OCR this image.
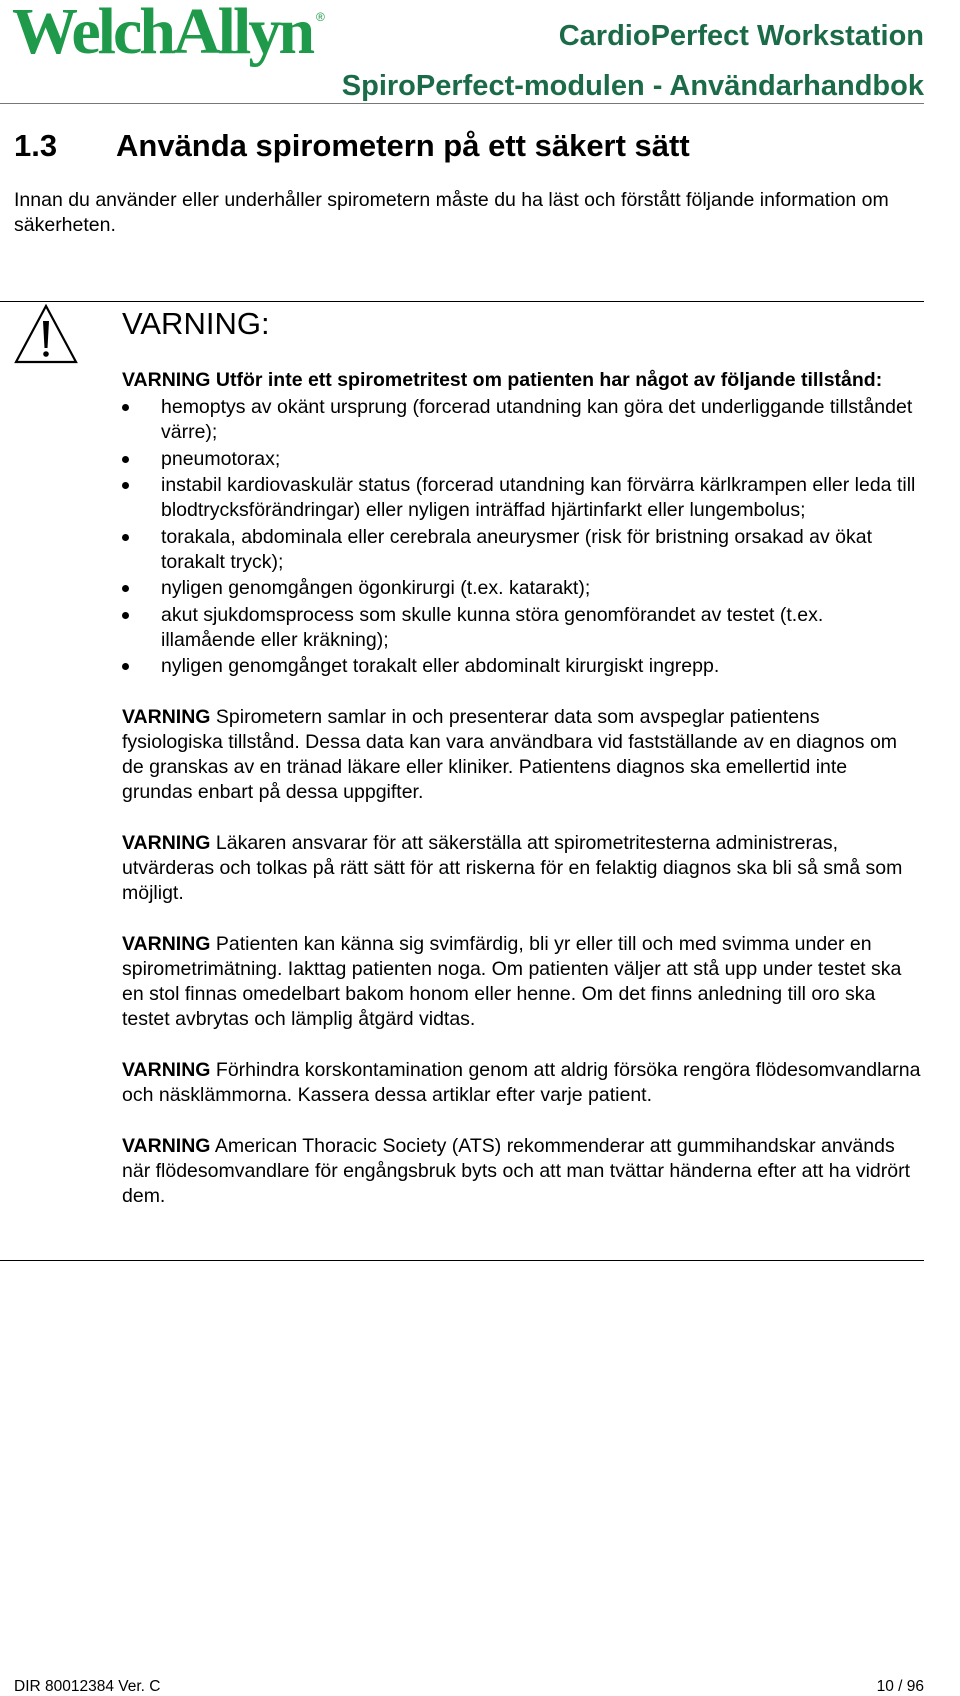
WelchAllyn ®
CardioPerfect Workstation
SpiroPerfect-modulen - Användarhandbok
1.3 Använda spirometern på ett säkert sätt
Innan du använder eller underhåller spirometern måste du ha läst och förstått följande information om säkerheten.
VARNING:
VARNING Utför inte ett spirometritest om patienten har något av följande tillstånd:
hemoptys av okänt ursprung (forcerad utandning kan göra det underliggande tillståndet värre);
pneumotorax;
instabil kardiovaskulär status (forcerad utandning kan förvärra kärlkrampen eller leda till blodtrycksförändringar) eller nyligen inträffad hjärtinfarkt eller lungembolus;
torakala, abdominala eller cerebrala aneurysmer (risk för bristning orsakad av ökat torakalt tryck);
nyligen genomgången ögonkirurgi (t.ex. katarakt);
akut sjukdomsprocess som skulle kunna störa genomförandet av testet (t.ex. illamående eller kräkning);
nyligen genomgånget torakalt eller abdominalt kirurgiskt ingrepp.

VARNING Spirometern samlar in och presenterar data som avspeglar patientens fysiologiska tillstånd. Dessa data kan vara användbara vid fastställande av en diagnos om de granskas av en tränad läkare eller kliniker. Patientens diagnos ska emellertid inte grundas enbart på dessa uppgifter.

VARNING Läkaren ansvarar för att säkerställa att spirometritesterna administreras, utvärderas och tolkas på rätt sätt för att riskerna för en felaktig diagnos ska bli så små som möjligt.

VARNING Patienten kan känna sig svimfärdig, bli yr eller till och med svimma under en spirometrimätning. Iakttag patienten noga. Om patienten väljer att stå upp under testet ska en stol finnas omedelbart bakom honom eller henne. Om det finns anledning till oro ska testet avbrytas och lämplig åtgärd vidtas.

VARNING Förhindra korskontamination genom att aldrig försöka rengöra flödesomvandlarna och näsklämmorna. Kassera dessa artiklar efter varje patient.

VARNING American Thoracic Society (ATS) rekommenderar att gummihandskar används när flödesomvandlare för engångsbruk byts och att man tvättar händerna efter att ha vidrört dem.

DIR 80012384 Ver. C	10 / 96
